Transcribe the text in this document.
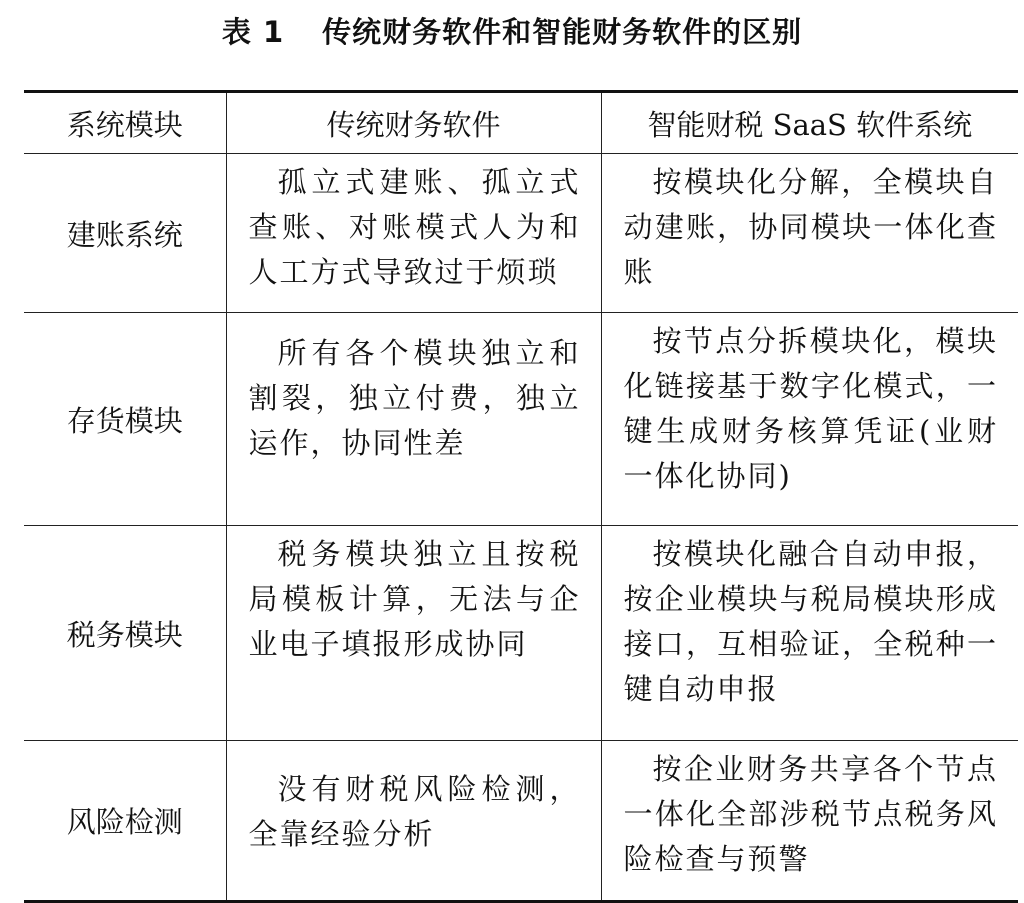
表 1 传统财务软件和智能财务软件的区别
系统模块	传统财务软件	智能财税 SaaS 软件系统
建账系统	孤立式建账、孤立式查账、对账模式人为和人工方式导致过于烦琐	按模块化分解，全模块自动建账，协同模块一体化查账

存货模块	所有各个模块独立和割裂，独立付费，独立运作，协同性差	按节点分拆模块化，模块化链接基于数字化模式，一键生成财务核算凭证(业财一体化协同)

税务模块	税务模块独立且按税局模板计算，无法与企业电子填报形成协同	按模块化融合自动申报，按企业模块与税局模块形成接口，互相验证，全税种一键自动申报

风险检测	没有财税风险检测，全靠经验分析	按企业财务共享各个节点一体化全部涉税节点税务风险检查与预警
